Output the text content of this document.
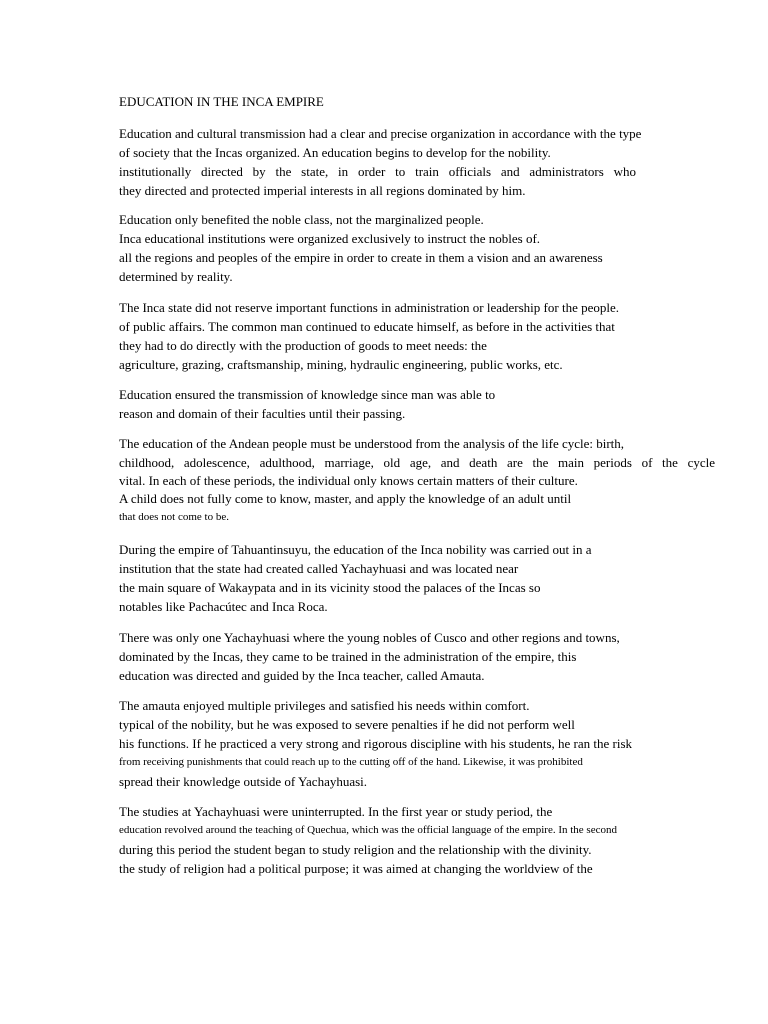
EDUCATION IN THE INCA EMPIRE
Education and cultural transmission had a clear and precise organization in accordance with the type
of society that the Incas organized. An education begins to develop for the nobility.
institutionally directed by the state, in order to train officials and administrators who
they directed and protected imperial interests in all regions dominated by him.
Education only benefited the noble class, not the marginalized people.
Inca educational institutions were organized exclusively to instruct the nobles of.
all the regions and peoples of the empire in order to create in them a vision and an awareness
determined by reality.
The Inca state did not reserve important functions in administration or leadership for the people.
of public affairs. The common man continued to educate himself, as before in the activities that
they had to do directly with the production of goods to meet needs: the
agriculture, grazing, craftsmanship, mining, hydraulic engineering, public works, etc.
Education ensured the transmission of knowledge since man was able to
reason and domain of their faculties until their passing.
The education of the Andean people must be understood from the analysis of the life cycle: birth,
childhood, adolescence, adulthood, marriage, old age, and death are the main periods of the cycle
vital. In each of these periods, the individual only knows certain matters of their culture.
A child does not fully come to know, master, and apply the knowledge of an adult until
that does not come to be.
During the empire of Tahuantinsuyu, the education of the Inca nobility was carried out in a
institution that the state had created called Yachayhuasi and was located near
the main square of Wakaypata and in its vicinity stood the palaces of the Incas so
notables like Pachacútec and Inca Roca.
There was only one Yachayhuasi where the young nobles of Cusco and other regions and towns,
dominated by the Incas, they came to be trained in the administration of the empire, this
education was directed and guided by the Inca teacher, called Amauta.
The amauta enjoyed multiple privileges and satisfied his needs within comfort.
typical of the nobility, but he was exposed to severe penalties if he did not perform well
his functions. If he practiced a very strong and rigorous discipline with his students, he ran the risk
from receiving punishments that could reach up to the cutting off of the hand. Likewise, it was prohibited
spread their knowledge outside of Yachayhuasi.
The studies at Yachayhuasi were uninterrupted. In the first year or study period, the
education revolved around the teaching of Quechua, which was the official language of the empire. In the second
during this period the student began to study religion and the relationship with the divinity.
the study of religion had a political purpose; it was aimed at changing the worldview of the
